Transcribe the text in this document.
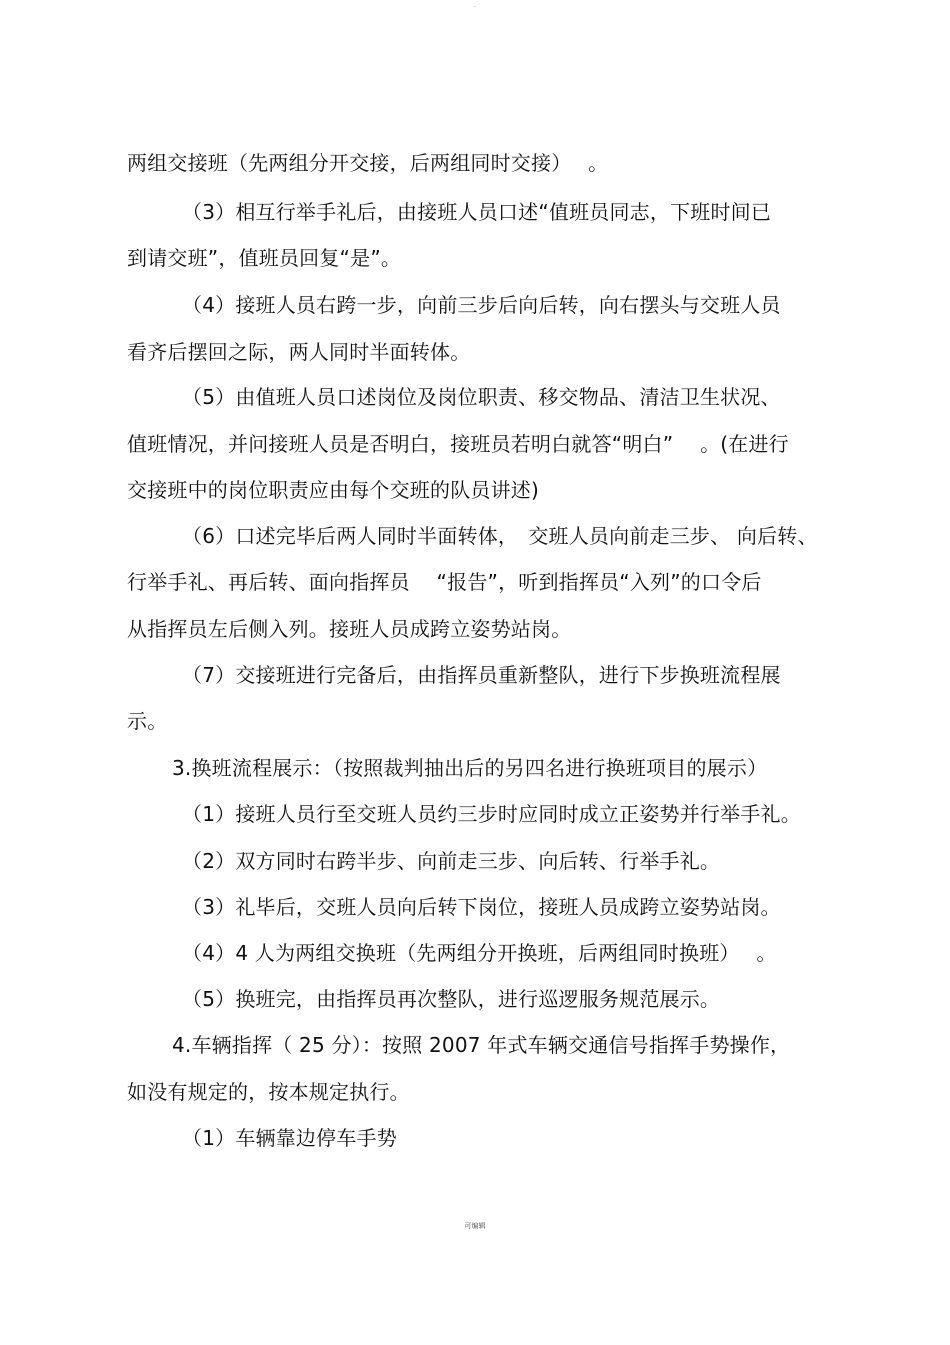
.
两组交接班（先两组分开交接，后两组同时交接）　 。
（3）相互行举手礼后，由接班人员口述“值班员同志，下班时间已
到请交班”，值班员回复“是”。
（4）接班人员右跨一步，向前三步后向后转，向右摆头与交班人员
看齐后摆回之际，两人同时半面转体。
（5）由值班人员口述岗位及岗位职责、移交物品、清洁卫生状况、
值班情况，并问接班人员是否明白，接班员若明白就答“明白”　 。(在进行
交接班中的岗位职责应由每个交班的队员讲述)
（6）口述完毕后两人同时半面转体，　交班人员向前走三步、 向后转、
行举手礼、再后转、面向指挥员　 “报告”，听到指挥员“入列”的口令后
从指挥员左后侧入列。接班人员成跨立姿势站岗。
（7）交接班进行完备后，由指挥员重新整队，进行下步换班流程展
示。
3.换班流程展示：（按照裁判抽出后的另四名进行换班项目的展示）
（1）接班人员行至交班人员约三步时应同时成立正姿势并行举手礼。
（2）双方同时右跨半步、向前走三步、向后转、行举手礼。
（3）礼毕后，交班人员向后转下岗位，接班人员成跨立姿势站岗。
（4）4 人为两组交换班（先两组分开换班，后两组同时换班）　 。
（5）换班完，由指挥员再次整队，进行巡逻服务规范展示。
4.车辆指挥（ 25 分）：按照 2007 年式车辆交通信号指挥手势操作，
如没有规定的，按本规定执行。
（1）车辆靠边停车手势
可编辑
